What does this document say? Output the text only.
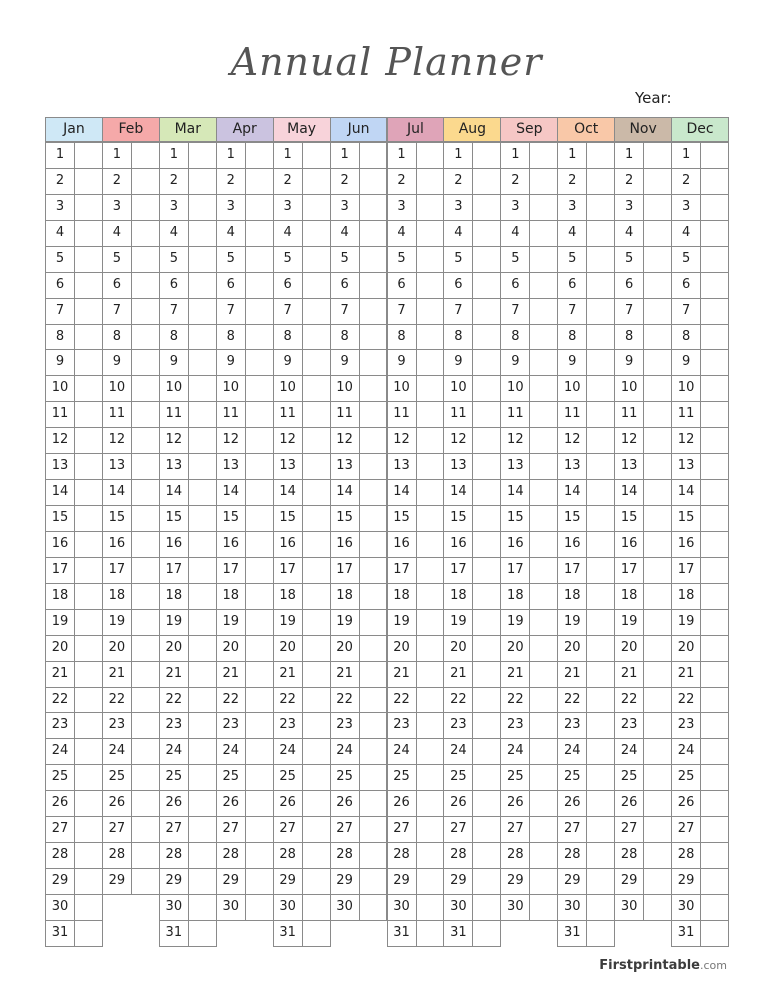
Annual Planner
Year:
Jan
1
2
3
4
5
6
7
8
9
10
11
12
13
14
15
16
17
18
19
20
21
22
23
24
25
26
27
28
29
30
31
Feb
1
2
3
4
5
6
7
8
9
10
11
12
13
14
15
16
17
18
19
20
21
22
23
24
25
26
27
28
29
Mar
1
2
3
4
5
6
7
8
9
10
11
12
13
14
15
16
17
18
19
20
21
22
23
24
25
26
27
28
29
30
31
Apr
1
2
3
4
5
6
7
8
9
10
11
12
13
14
15
16
17
18
19
20
21
22
23
24
25
26
27
28
29
30
May
1
2
3
4
5
6
7
8
9
10
11
12
13
14
15
16
17
18
19
20
21
22
23
24
25
26
27
28
29
30
31
Jun
1
2
3
4
5
6
7
8
9
10
11
12
13
14
15
16
17
18
19
20
21
22
23
24
25
26
27
28
29
30
Jul
1
2
3
4
5
6
7
8
9
10
11
12
13
14
15
16
17
18
19
20
21
22
23
24
25
26
27
28
29
30
31
Aug
1
2
3
4
5
6
7
8
9
10
11
12
13
14
15
16
17
18
19
20
21
22
23
24
25
26
27
28
29
30
31
Sep
1
2
3
4
5
6
7
8
9
10
11
12
13
14
15
16
17
18
19
20
21
22
23
24
25
26
27
28
29
30
Oct
1
2
3
4
5
6
7
8
9
10
11
12
13
14
15
16
17
18
19
20
21
22
23
24
25
26
27
28
29
30
31
Nov
1
2
3
4
5
6
7
8
9
10
11
12
13
14
15
16
17
18
19
20
21
22
23
24
25
26
27
28
29
30
Dec
1
2
3
4
5
6
7
8
9
10
11
12
13
14
15
16
17
18
19
20
21
22
23
24
25
26
27
28
29
30
31
Firstprintable.com
